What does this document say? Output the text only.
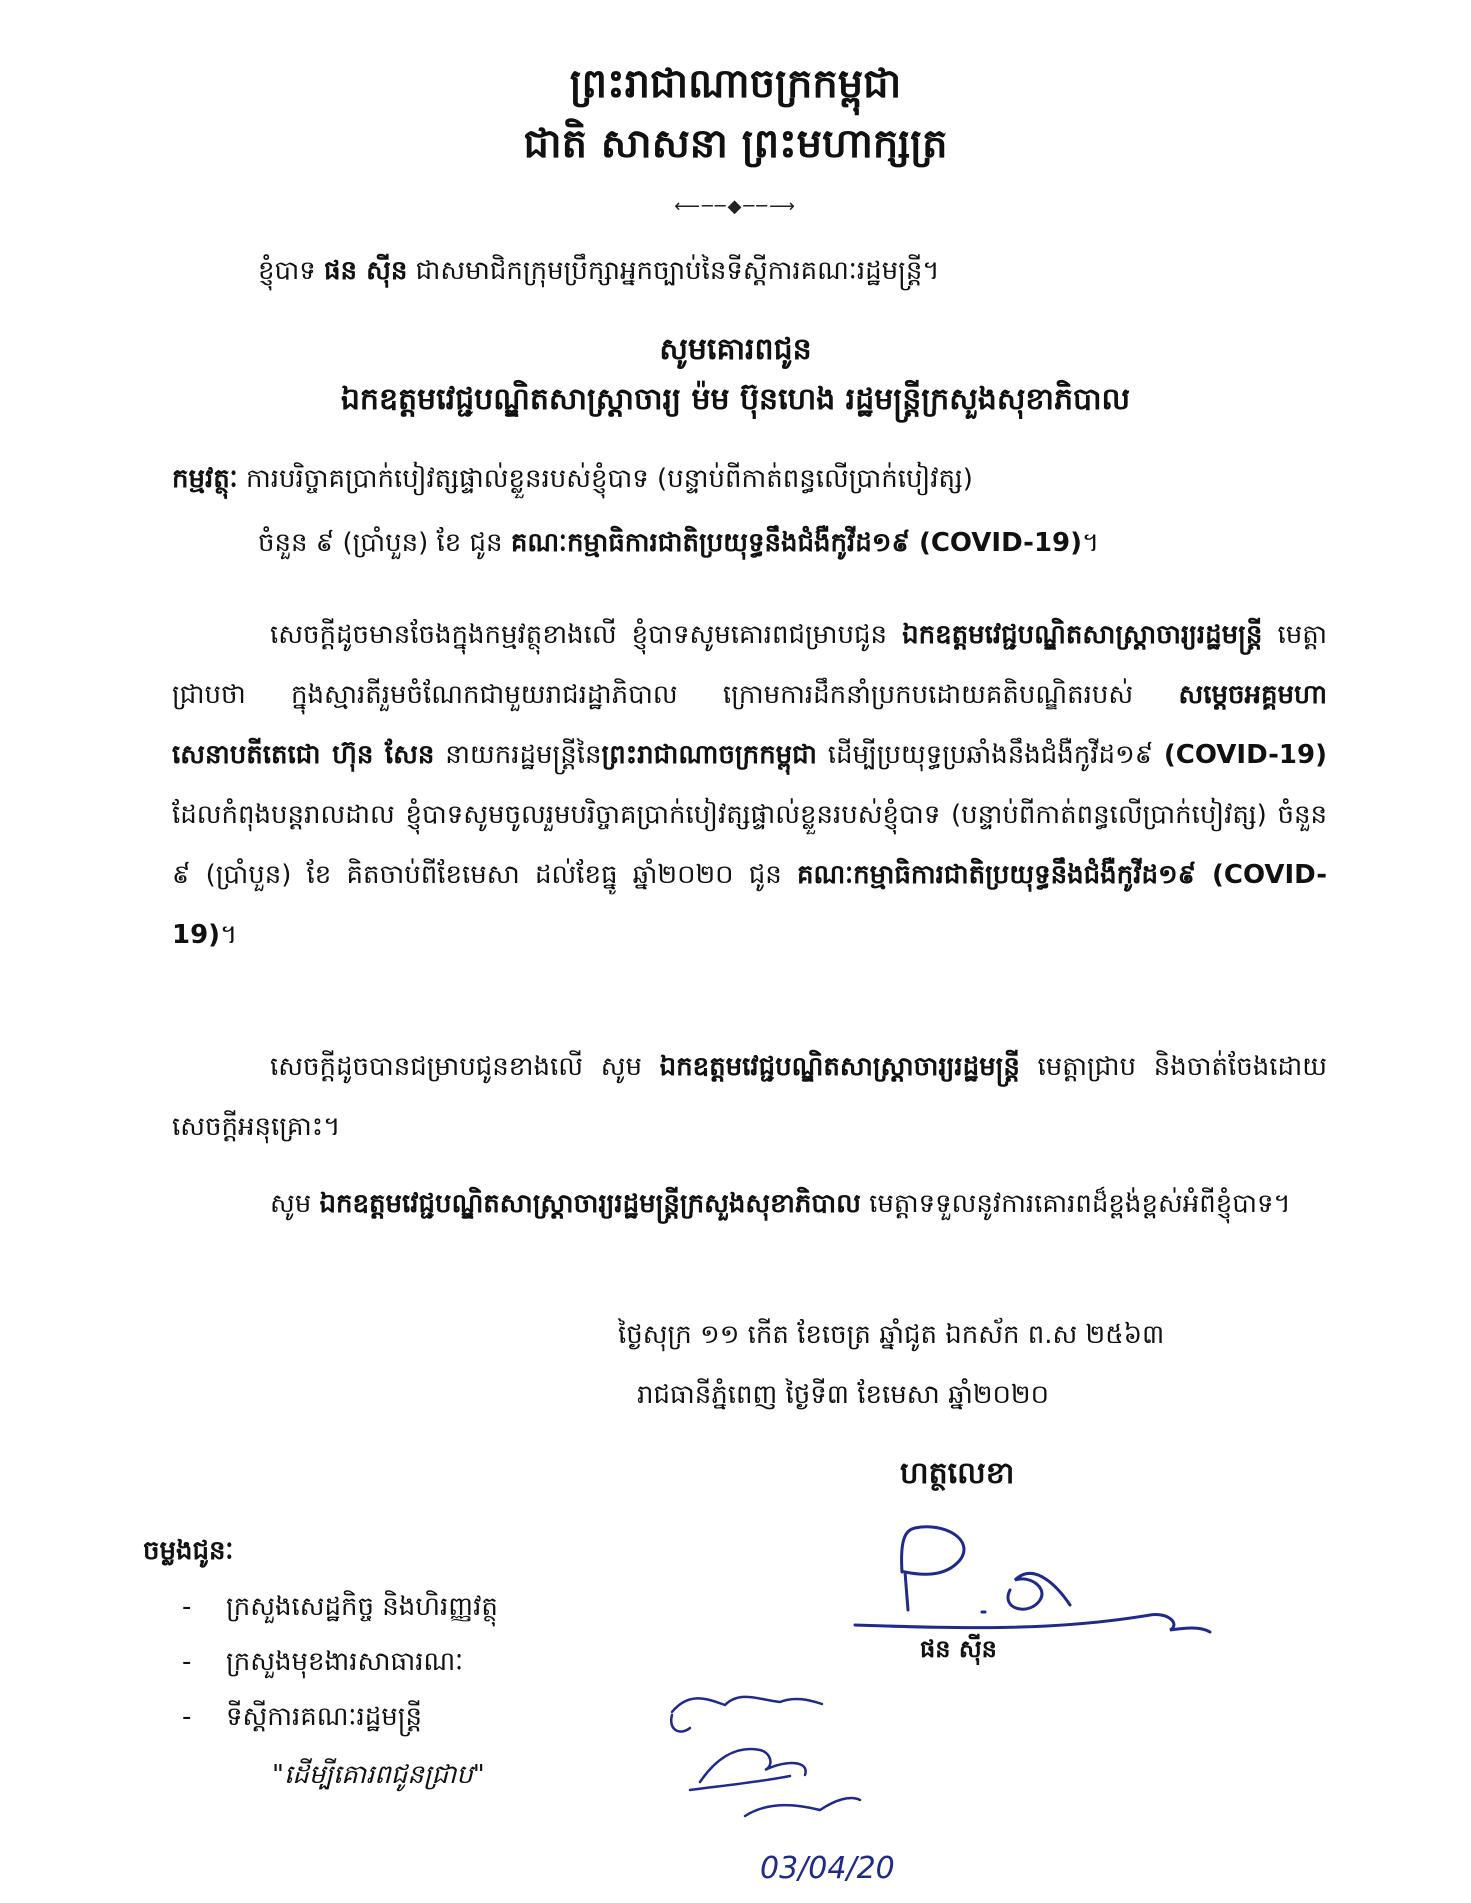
ព្រះរាជាណាចក្រកម្ពុជា
ជាតិ សាសនា ព្រះមហាក្សត្រ
⟵──◆──⟶
ខ្ញុំបាទ ផន ស៊ីន ជាសមាជិកក្រុមប្រឹក្សាអ្នកច្បាប់នៃទីស្តីការគណៈរដ្ឋមន្ត្រី។
សូមគោរពជូន
ឯកឧត្តមវេជ្ជបណ្ឌិតសាស្ត្រាចារ្យ ម៉ម ប៊ុនហេង រដ្ឋមន្ត្រីក្រសួងសុខាភិបាល
កម្មវត្ថុៈ ការបរិច្ចាគប្រាក់បៀវត្សផ្ទាល់ខ្លួនរបស់ខ្ញុំបាទ (បន្ទាប់ពីកាត់ពន្ធលើប្រាក់បៀវត្ស)
ចំនួន ៩ (ប្រាំបួន) ខែ ជូន គណៈកម្មាធិការជាតិប្រយុទ្ធនឹងជំងឺកូវីដ១៩ (COVID-19)។
សេចក្តីដូចមានចែងក្នុងកម្មវត្ថុខាងលើ ខ្ញុំបាទសូមគោរពជម្រាបជូន ឯកឧត្តមវេជ្ជបណ្ឌិតសាស្ត្រាចារ្យរដ្ឋមន្ត្រី មេត្តាជ្រាបថា ក្នុងស្មារតីរួមចំណែកជាមួយរាជរដ្ឋាភិបាល ក្រោមការដឹកនាំប្រកបដោយគតិបណ្ឌិតរបស់ សម្តេចអគ្គមហាសេនាបតីតេជោ ហ៊ុន សែន នាយករដ្ឋមន្ត្រីនៃព្រះរាជាណាចក្រកម្ពុជា ដើម្បីប្រយុទ្ធប្រឆាំងនឹងជំងឺកូវីដ១៩ (COVID-19) ដែលកំពុងបន្តរាលដាល ខ្ញុំបាទសូមចូលរួមបរិច្ចាគប្រាក់បៀវត្សផ្ទាល់ខ្លួនរបស់ខ្ញុំបាទ (បន្ទាប់ពីកាត់ពន្ធលើប្រាក់បៀវត្ស) ចំនួន ៩ (ប្រាំបួន) ខែ គិតចាប់ពីខែមេសា ដល់ខែធ្នូ ឆ្នាំ២០២០ ជូន គណៈកម្មាធិការជាតិប្រយុទ្ធនឹងជំងឺកូវីដ១៩ (COVID-19)។
សេចក្តីដូចបានជម្រាបជូនខាងលើ សូម ឯកឧត្តមវេជ្ជបណ្ឌិតសាស្ត្រាចារ្យរដ្ឋមន្ត្រី មេត្តាជ្រាប និងចាត់ចែងដោយសេចក្តីអនុគ្រោះ។
សូម ឯកឧត្តមវេជ្ជបណ្ឌិតសាស្ត្រាចារ្យរដ្ឋមន្ត្រីក្រសួងសុខាភិបាល មេត្តាទទួលនូវការគោរពដ៏ខ្ពង់ខ្ពស់អំពីខ្ញុំបាទ។
ថ្ងៃសុក្រ ១១ កើត ខែចេត្រ ឆ្នាំជូត ឯកស័ក ព.ស ២៥៦៣
រាជធានីភ្នំពេញ ថ្ងៃទី៣ ខែមេសា ឆ្នាំ២០២០
ហត្ថលេខា
ចម្លងជូនៈ
- ក្រសួងសេដ្ឋកិច្ច និងហិរញ្ញវត្ថុ
- ក្រសួងមុខងារសាធារណៈ
- ទីស្តីការគណៈរដ្ឋមន្ត្រី
"ដើម្បីគោរពជូនជ្រាប"
03/04/20
ផន ស៊ីន
